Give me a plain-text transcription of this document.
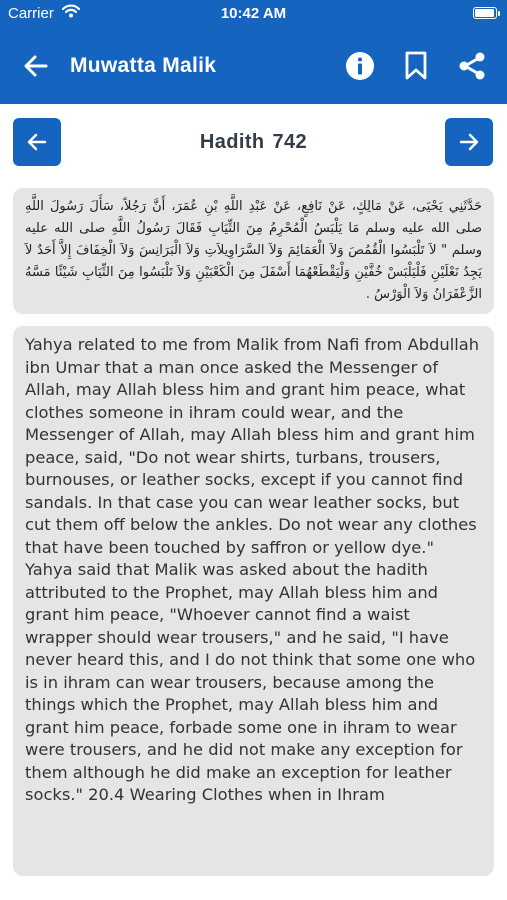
Carrier	10:42 AM
Muwatta Malik
Hadith 742
حَدَّثَنِي يَحْيَى، عَنْ مَالِكٍ، عَنْ نَافِعٍ، عَنْ عَبْدِ اللَّهِ بْنِ عُمَرَ، أَنَّ رَجُلاً، سَأَلَ رَسُولَ اللَّهِ صلى الله عليه وسلم مَا يَلْبَسُ الْمُحْرِمُ مِنَ الثِّيَابِ فَقَالَ رَسُولُ اللَّهِ صلى الله عليه وسلم " لاَ تَلْبَسُوا الْقُمُصَ وَلاَ الْعَمَائِمَ وَلاَ السَّرَاوِيلاَتِ وَلاَ الْبَرَانِسَ وَلاَ الْخِفَافَ إِلاَّ أَحَدٌ لاَ يَجِدُ نَعْلَيْنِ فَلْيَلْبَسْ خُفَّيْنِ وَلْيَقْطَعْهُمَا أَسْفَلَ مِنَ الْكَعْبَيْنِ وَلاَ تَلْبَسُوا مِنَ الثِّيَابِ شَيْئًا مَسَّهُ الزَّعْفَرَانُ وَلاَ الْوَرْسُ .
Yahya related to me from Malik from Nafi from Abdullah ibn Umar that a man once asked the Messenger of Allah, may Allah bless him and grant him peace, what clothes someone in ihram could wear, and the Messenger of Allah, may Allah bless him and grant him peace, said, "Do not wear shirts, turbans, trousers, burnouses, or leather socks, except if you cannot find sandals. In that case you can wear leather socks, but cut them off below the ankles. Do not wear any clothes that have been touched by saffron or yellow dye." Yahya said that Malik was asked about the hadith attributed to the Prophet, may Allah bless him and grant him peace, "Whoever cannot find a waist wrapper should wear trousers," and he said, "I have never heard this, and I do not think that some one who is in ihram can wear trousers, because among the things which the Prophet, may Allah bless him and grant him peace, forbade some one in ihram to wear were trousers, and he did not make any exception for them although he did make an exception for leather socks." 20.4 Wearing Clothes when in Ihram
